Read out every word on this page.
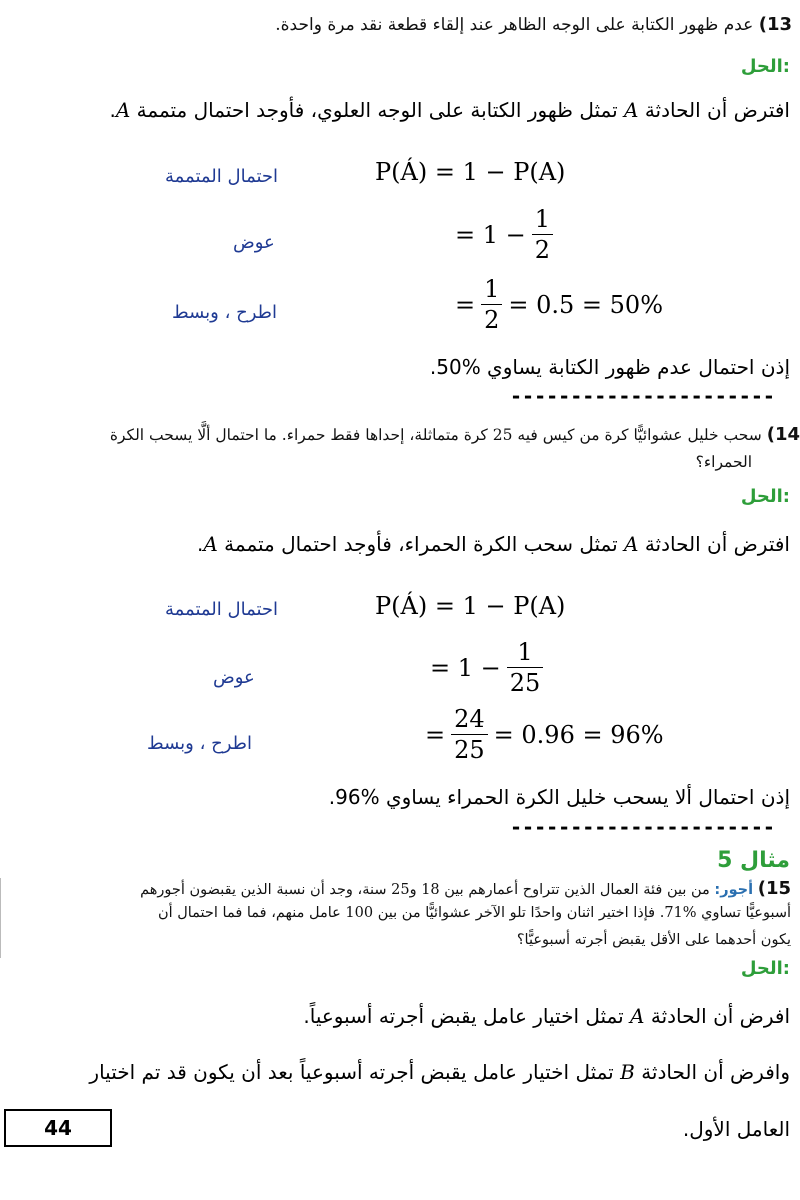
13) عدم ظهور الكتابة على الوجه الظاهر عند إلقاء قطعة نقد مرة واحدة.
الحل:
افترض أن الحادثة A تمثل ظهور الكتابة على الوجه العلوي، فأوجد احتمال متممة A.
احتمال المتممة	P(Á) = 1 − P(A)
عوض	= $1 - \frac{1}{2}$
اطرح ، وبسط	= $\frac{1}{2} = 0.5 = 50\%$
إذن احتمال عدم ظهور الكتابة يساوي %50.
----------------------
14) سحب خليل عشوائيًّا كرة من كيس فيه 25 كرة متماثلة، إحداها فقط حمراء. ما احتمال ألَّا يسحب الكرة
الحمراء؟
الحل:
افترض أن الحادثة A تمثل سحب الكرة الحمراء، فأوجد احتمال متممة A.
احتمال المتممة	P(Á) = 1 − P(A)
عوض	= $1 - \frac{1}{25}$
اطرح ، وبسط	= $\frac{24}{25} = 0.96 = 96\%$
إذن احتمال ألا يسحب خليل الكرة الحمراء يساوي %96.
----------------------
مثال 5
15) أجور: من بين فئة العمال الذين تتراوح أعمارهم بين 18 و25 سنة، وجد أن نسبة الذين يقبضون أجورهم
أسبوعيًّا تساوي %71. فإذا اختير اثنان واحدًا تلو الآخر عشوائيًّا من بين 100 عامل منهم، فما فما احتمال أن
يكون أحدهما على الأقل يقبض أجرته أسبوعيًّا؟
الحل:
افرض أن الحادثة A تمثل اختيار عامل يقبض أجرته أسبوعياً.
وافرض أن الحادثة B تمثل اختيار عامل يقبض أجرته أسبوعياً بعد أن يكون قد تم اختيار
العامل الأول.
44
